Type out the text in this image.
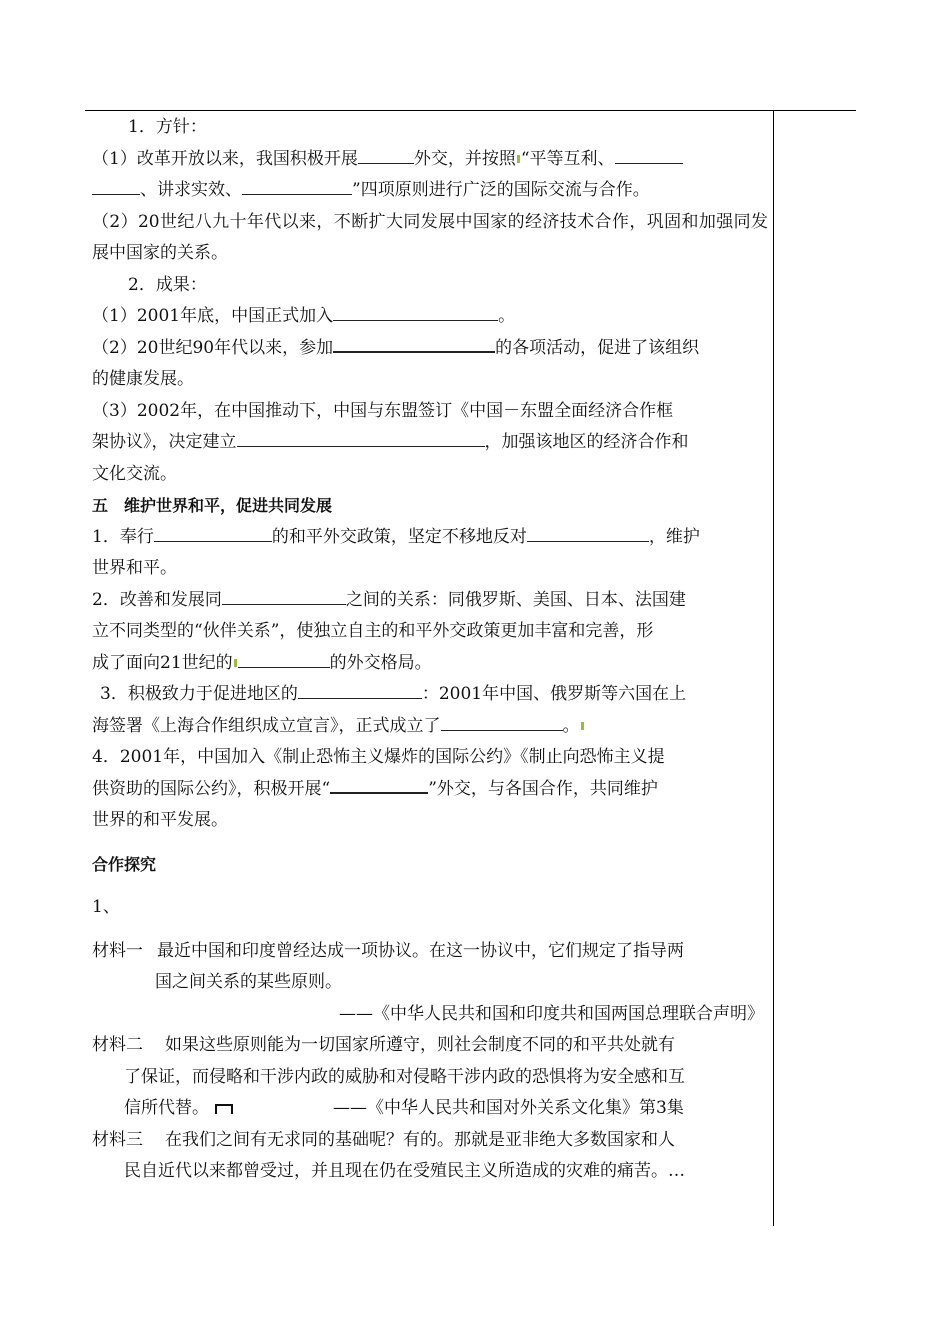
1．方针：
（1）改革开放以来，我国积极开展	外交，并按照 “平等互利、
、讲求实效、	”四项原则进行广泛的国际交流与合作。
（2）20世纪八九十年代以来，不断扩大同发展中国家的经济技术合作，巩固和加强同发展中国家的关系。
2．成果：
（1）2001年底，中国正式加入	。
（2）20世纪90年代以来，参加	的各项活动，促进了该组织
的健康发展。
（3）2002年，在中国推动下，中国与东盟签订《中国－东盟全面经济合作框
架协议》，决定建立	，加强该地区的经济合作和
文化交流。
五　维护世界和平，促进共同发展
1．奉行	的和平外交政策，坚定不移地反对	，维护
世界和平。
2．改善和发展同	之间的关系：同俄罗斯、美国、日本、法国建
立不同类型的“伙伴关系”，使独立自主的和平外交政策更加丰富和完善，形
成了面向21世纪的	的外交格局。
3．积极致力于促进地区的	：2001年中国、俄罗斯等六国在上
海签署《上海合作组织成立宣言》，正式成立了	。
4．2001年，中国加入《制止恐怖主义爆炸的国际公约》《制止向恐怖主义提
供资助的国际公约》，积极开展“	”外交，与各国合作，共同维护
世界的和平发展。
合作探究
1、
材料一 最近中国和印度曾经达成一项协议。在这一协议中，它们规定了指导两
国之间关系的某些原则。
——《中华人民共和国和印度共和国两国总理联合声明》
材料二	如果这些原则能为一切国家所遵守，则社会制度不同的和平共处就有
了保证，而侵略和干涉内政的威胁和对侵略干涉内政的恐惧将为安全感和互
信所代替。	——《中华人民共和国对外关系文化集》第3集
材料三	在我们之间有无求同的基础呢？有的。那就是亚非绝大多数国家和人
民自近代以来都曾受过，并且现在仍在受殖民主义所造成的灾难的痛苦。…
